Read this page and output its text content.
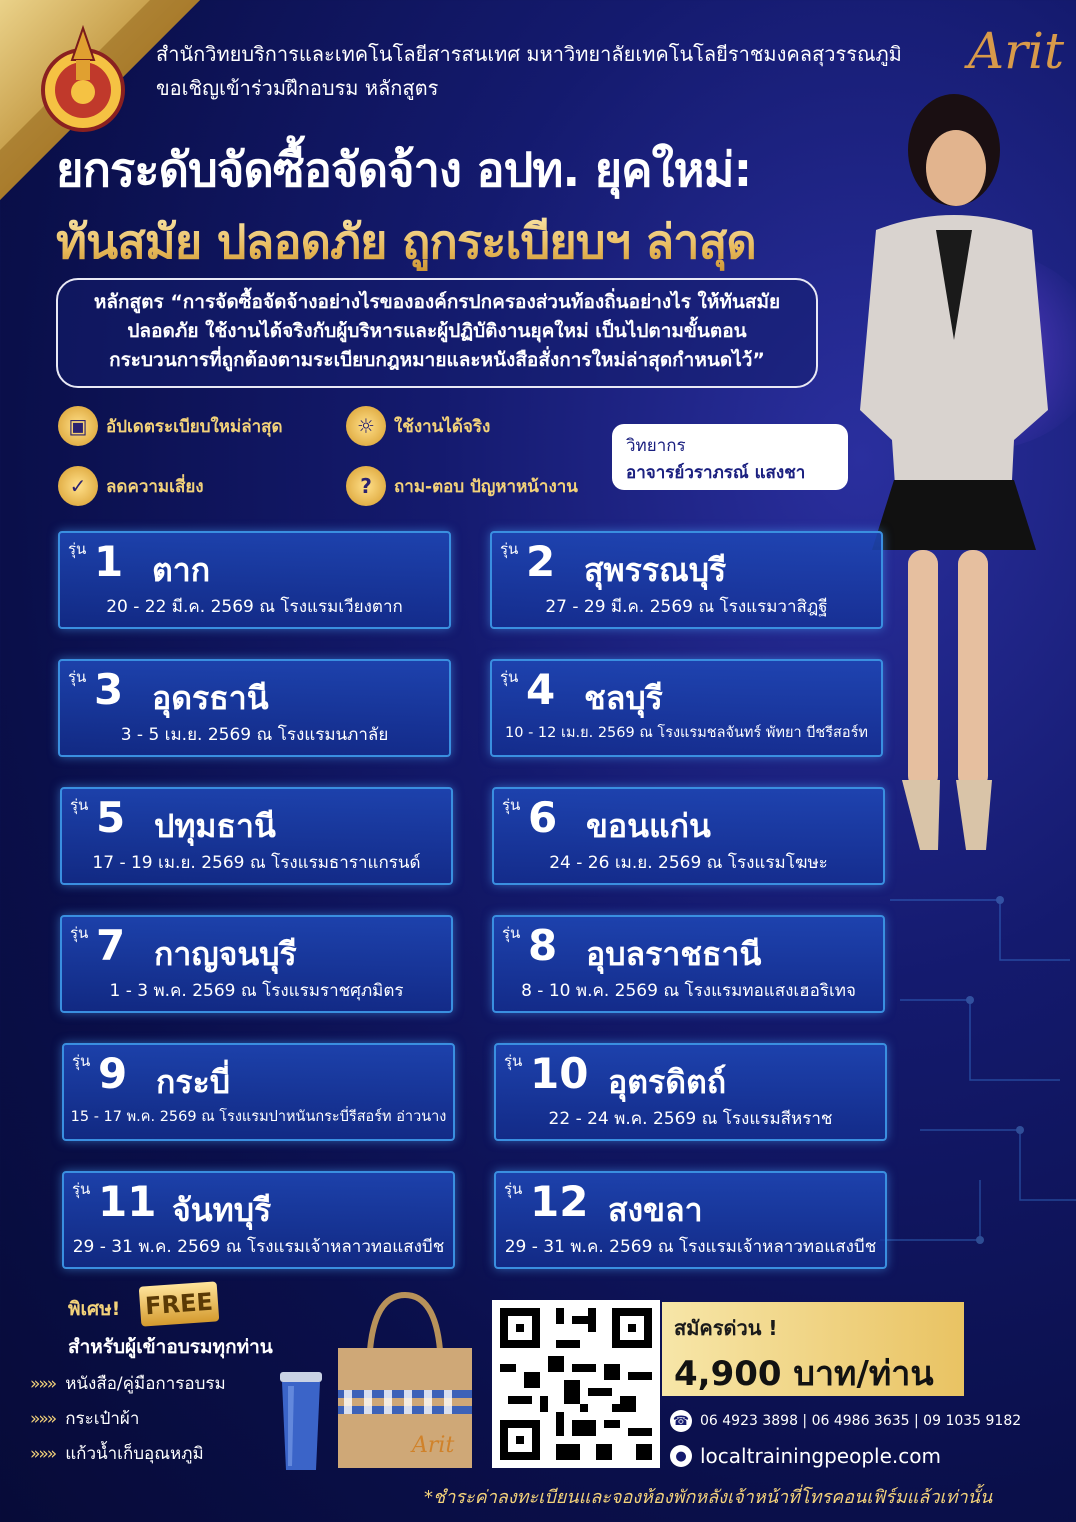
สำนักวิทยบริการและเทคโนโลยีสารสนเทศ มหาวิทยาลัยเทคโนโลยีราชมงคลสุวรรณภูมิ
ขอเชิญเข้าร่วมฝึกอบรม หลักสูตร
Arit
ยกระดับจัดซื้อจัดจ้าง อปท. ยุคใหม่:
ทันสมัย ปลอดภัย ถูกระเบียบฯ ล่าสุด
หลักสูตร “การจัดซื้อจัดจ้างอย่างไรขององค์กรปกครองส่วนท้องถิ่นอย่างไร ให้ทันสมัย
ปลอดภัย ใช้งานได้จริงกับผู้บริหารและผู้ปฏิบัติงานยุคใหม่ เป็นไปตามขั้นตอน
กระบวนการที่ถูกต้องตามระเบียบกฎหมายและหนังสือสั่งการใหม่ล่าสุดกำหนดไว้”
▣	อัปเดตระเบียบใหม่ล่าสุด	☼	ใช้งานได้จริง
✓	ลดความเสี่ยง	?	ถาม-ตอบ ปัญหาหน้างาน
วิทยากร
อาจารย์วราภรณ์ แสงชา
รุ่น 1 ตาก
20 - 22 มี.ค. 2569 ณ โรงแรมเวียงตาก
รุ่น 2 สุพรรณบุรี
27 - 29 มี.ค. 2569 ณ โรงแรมวาสิฎฐี
รุ่น 3 อุดรธานี
3 - 5 เม.ย. 2569 ณ โรงแรมนภาลัย
รุ่น 4 ชลบุรี
10 - 12 เม.ย. 2569 ณ โรงแรมชลจันทร์ พัทยา บีชรีสอร์ท
รุ่น 5 ปทุมธานี
17 - 19 เม.ย. 2569 ณ โรงแรมธาราแกรนด์
รุ่น 6 ขอนแก่น
24 - 26 เม.ย. 2569 ณ โรงแรมโฆษะ
รุ่น 7 กาญจนบุรี
1 - 3 พ.ค. 2569 ณ โรงแรมราชศุภมิตร
รุ่น 8 อุบลราชธานี
8 - 10 พ.ค. 2569 ณ โรงแรมทอแสงเฮอริเทจ
รุ่น 9 กระบี่
15 - 17 พ.ค. 2569 ณ โรงแรมปาหนันกระบี่รีสอร์ท อ่าวนาง
รุ่น 10 อุตรดิตถ์
22 - 24 พ.ค. 2569 ณ โรงแรมสีหราช
รุ่น 11 จันทบุรี
29 - 31 พ.ค. 2569 ณ โรงแรมเจ้าหลาวทอแสงบีช
รุ่น 12 สงขลา
29 - 31 พ.ค. 2569 ณ โรงแรมเจ้าหลาวทอแสงบีช
พิเศษ! FREE
สำหรับผู้เข้าอบรมทุกท่าน
»»» หนังสือ/คู่มือการอบรม
»»» กระเป๋าผ้า
»»» แก้วน้ำเก็บอุณหภูมิ	Arit
สมัครด่วน !
4,900 บาท/ท่าน
☎ 06 4923 3898 | 06 4986 3635 | 09 1035 9182
● localtrainingpeople.com
*ชำระค่าลงทะเบียนและจองห้องพักหลังเจ้าหน้าที่โทรคอนเฟิร์มแล้วเท่านั้น
